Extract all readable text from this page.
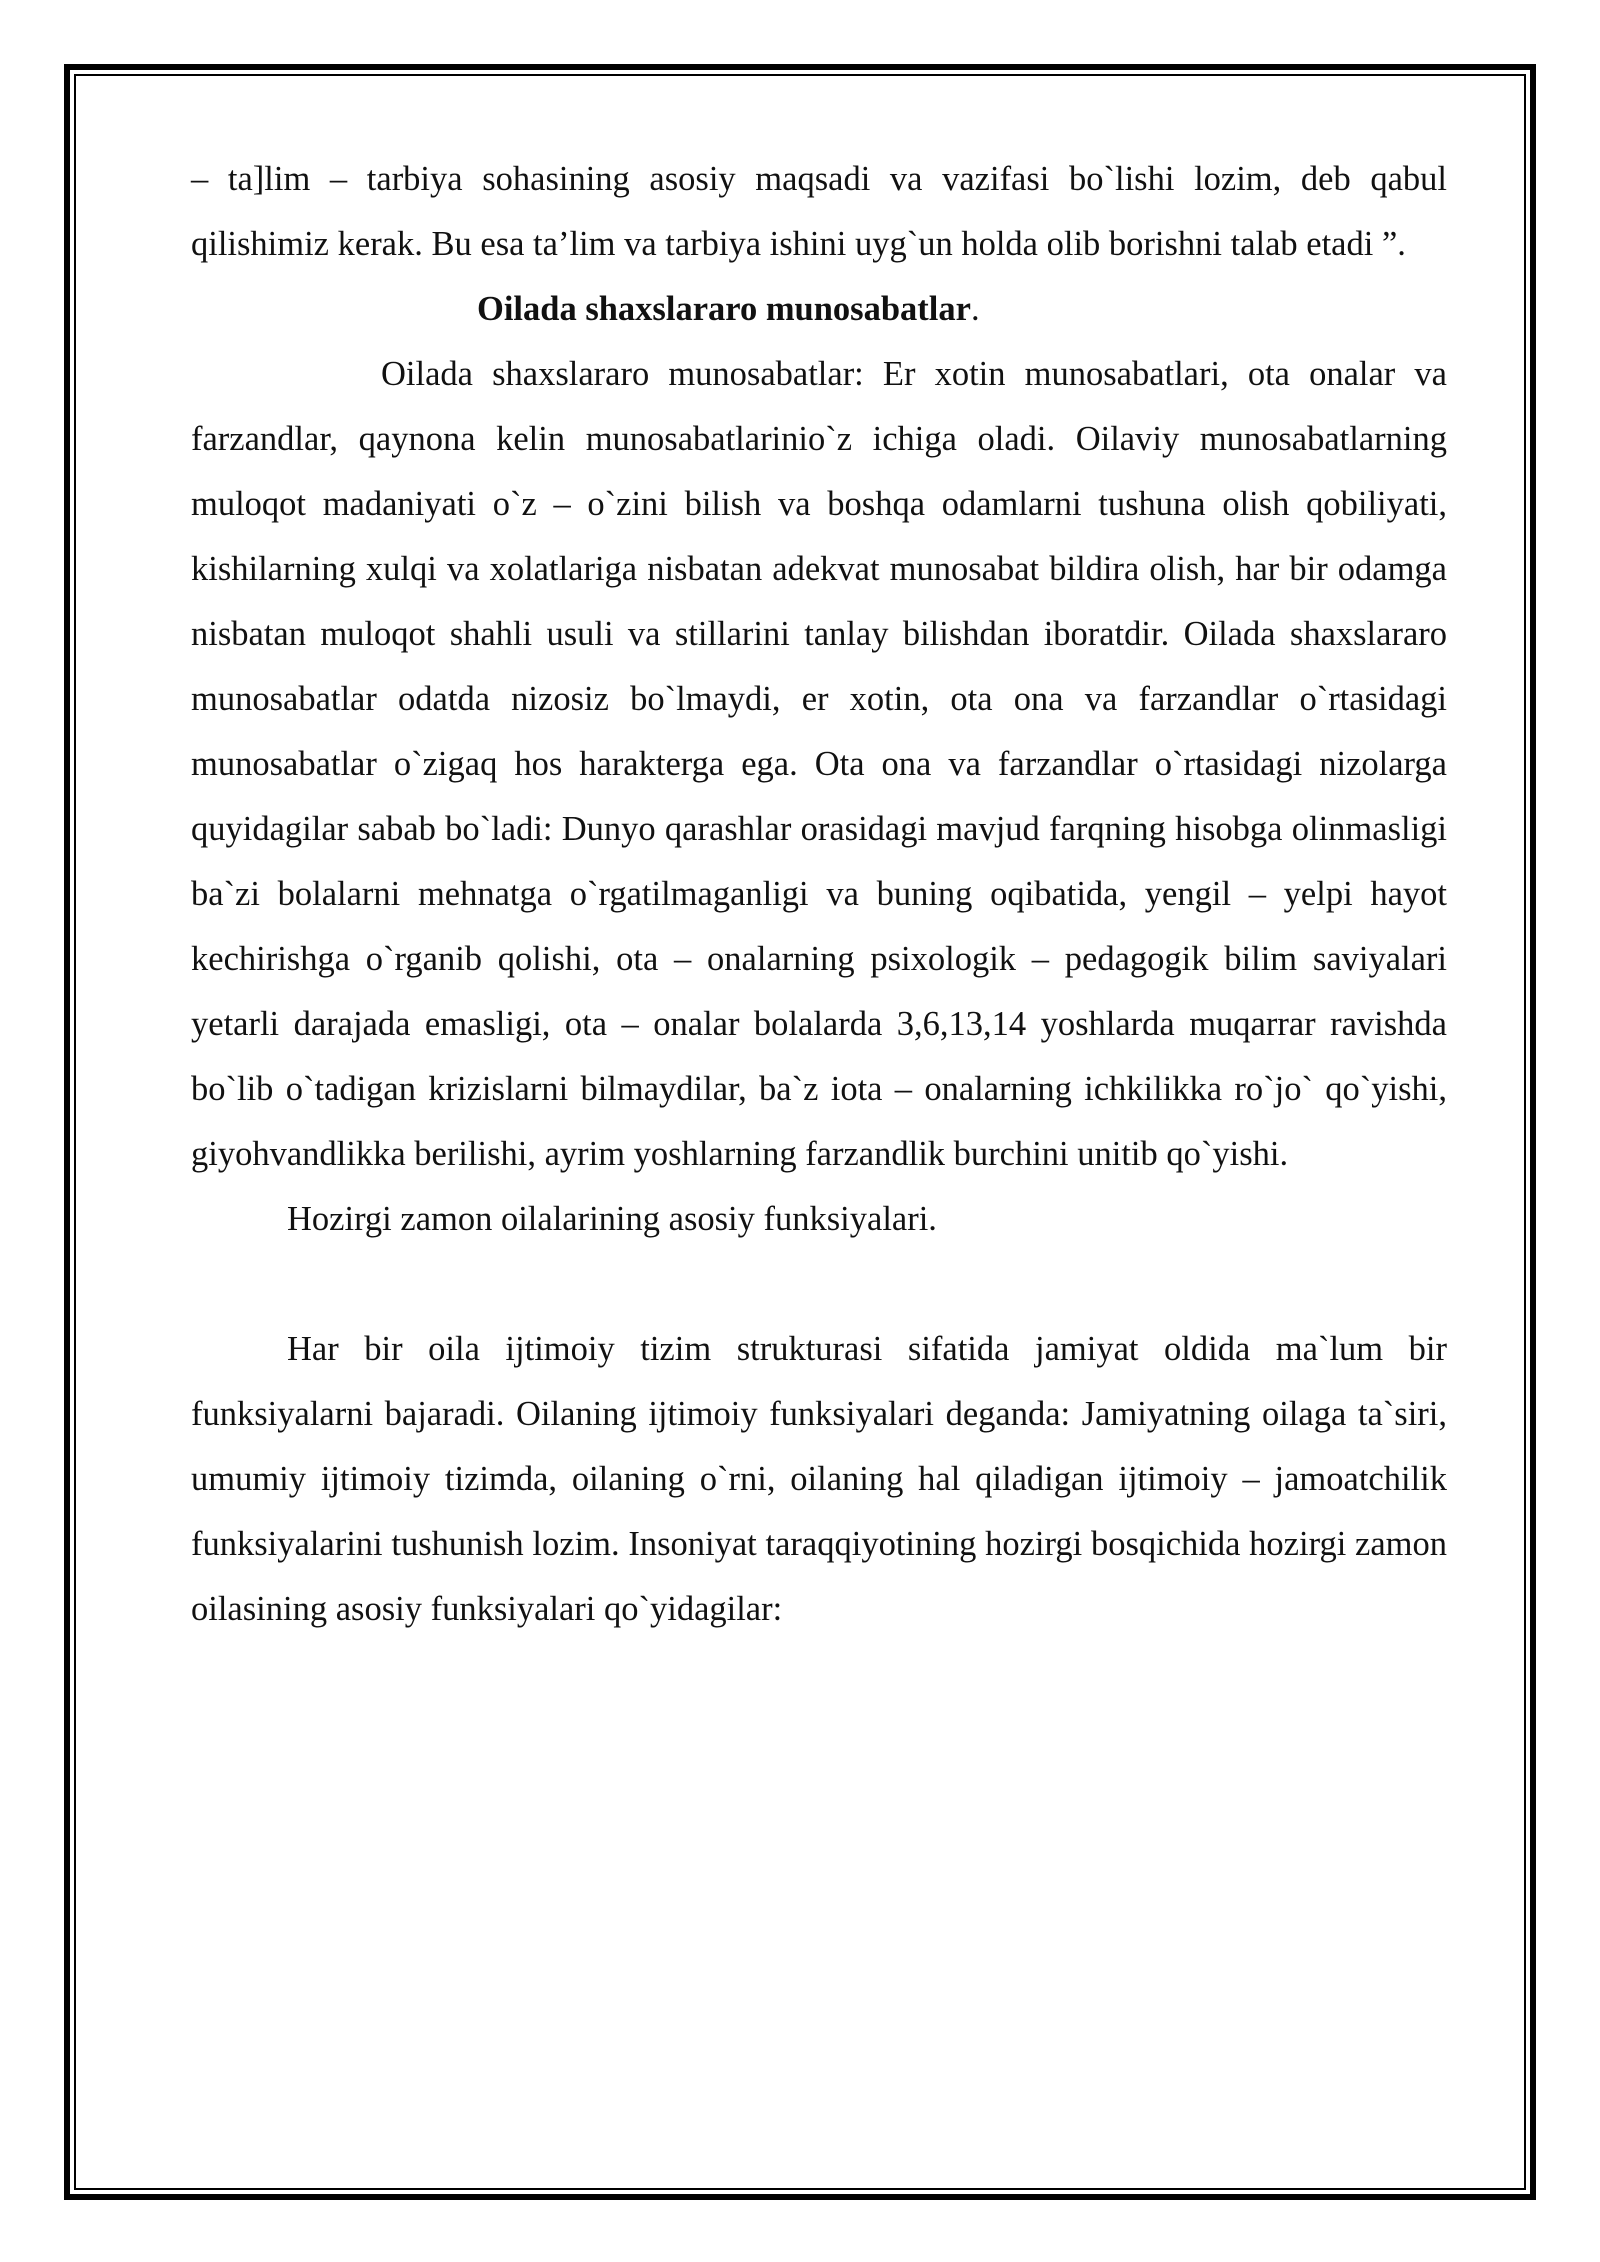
– ta]lim – tarbiya sohasining asosiy maqsadi va vazifasi bo`lishi lozim, deb qabul qilishimiz kerak. Bu esa ta’lim va tarbiya ishini uyg`un holda olib borishni talab etadi ”.

Oilada shaxslararo munosabatlar.

Oilada shaxslararo munosabatlar: Er xotin munosabatlari, ota onalar va farzandlar, qaynona kelin munosabatlarinio`z ichiga oladi. Oilaviy munosabatlarning muloqot madaniyati o`z – o`zini bilish va boshqa odamlarni tushuna olish qobiliyati, kishilarning xulqi va xolatlariga nisbatan adekvat munosabat bildira olish, har bir odamga nisbatan muloqot shahli usuli va stillarini tanlay bilishdan iboratdir. Oilada shaxslararo munosabatlar odatda nizosiz bo`lmaydi, er xotin, ota ona va farzandlar o`rtasidagi munosabatlar o`zigaq hos harakterga ega. Ota ona va farzandlar o`rtasidagi nizolarga quyidagilar sabab bo`ladi: Dunyo qarashlar orasidagi mavjud farqning hisobga olinmasligi ba`zi bolalarni mehnatga o`rgatilmaganligi va buning oqibatida, yengil – yelpi hayot kechirishga o`rganib qolishi, ota – onalarning psixologik – pedagogik bilim saviyalari yetarli darajada emasligi, ota – onalar bolalarda 3,6,13,14 yoshlarda muqarrar ravishda bo`lib o`tadigan krizislarni bilmaydilar, ba`z iota – onalarning ichkilikka ro`jo` qo`yishi, giyohvandlikka berilishi, ayrim yoshlarning farzandlik burchini unitib qo`yishi.

Hozirgi zamon oilalarining asosiy funksiyalari.

Har bir oila ijtimoiy tizim strukturasi sifatida jamiyat oldida ma`lum bir funksiyalarni bajaradi. Oilaning ijtimoiy funksiyalari deganda: Jamiyatning oilaga ta`siri, umumiy ijtimoiy tizimda, oilaning o`rni, oilaning hal qiladigan ijtimoiy – jamoatchilik funksiyalarini tushunish lozim. Insoniyat taraqqiyotining hozirgi bosqichida hozirgi zamon oilasining asosiy funksiyalari qo`yidagilar:
